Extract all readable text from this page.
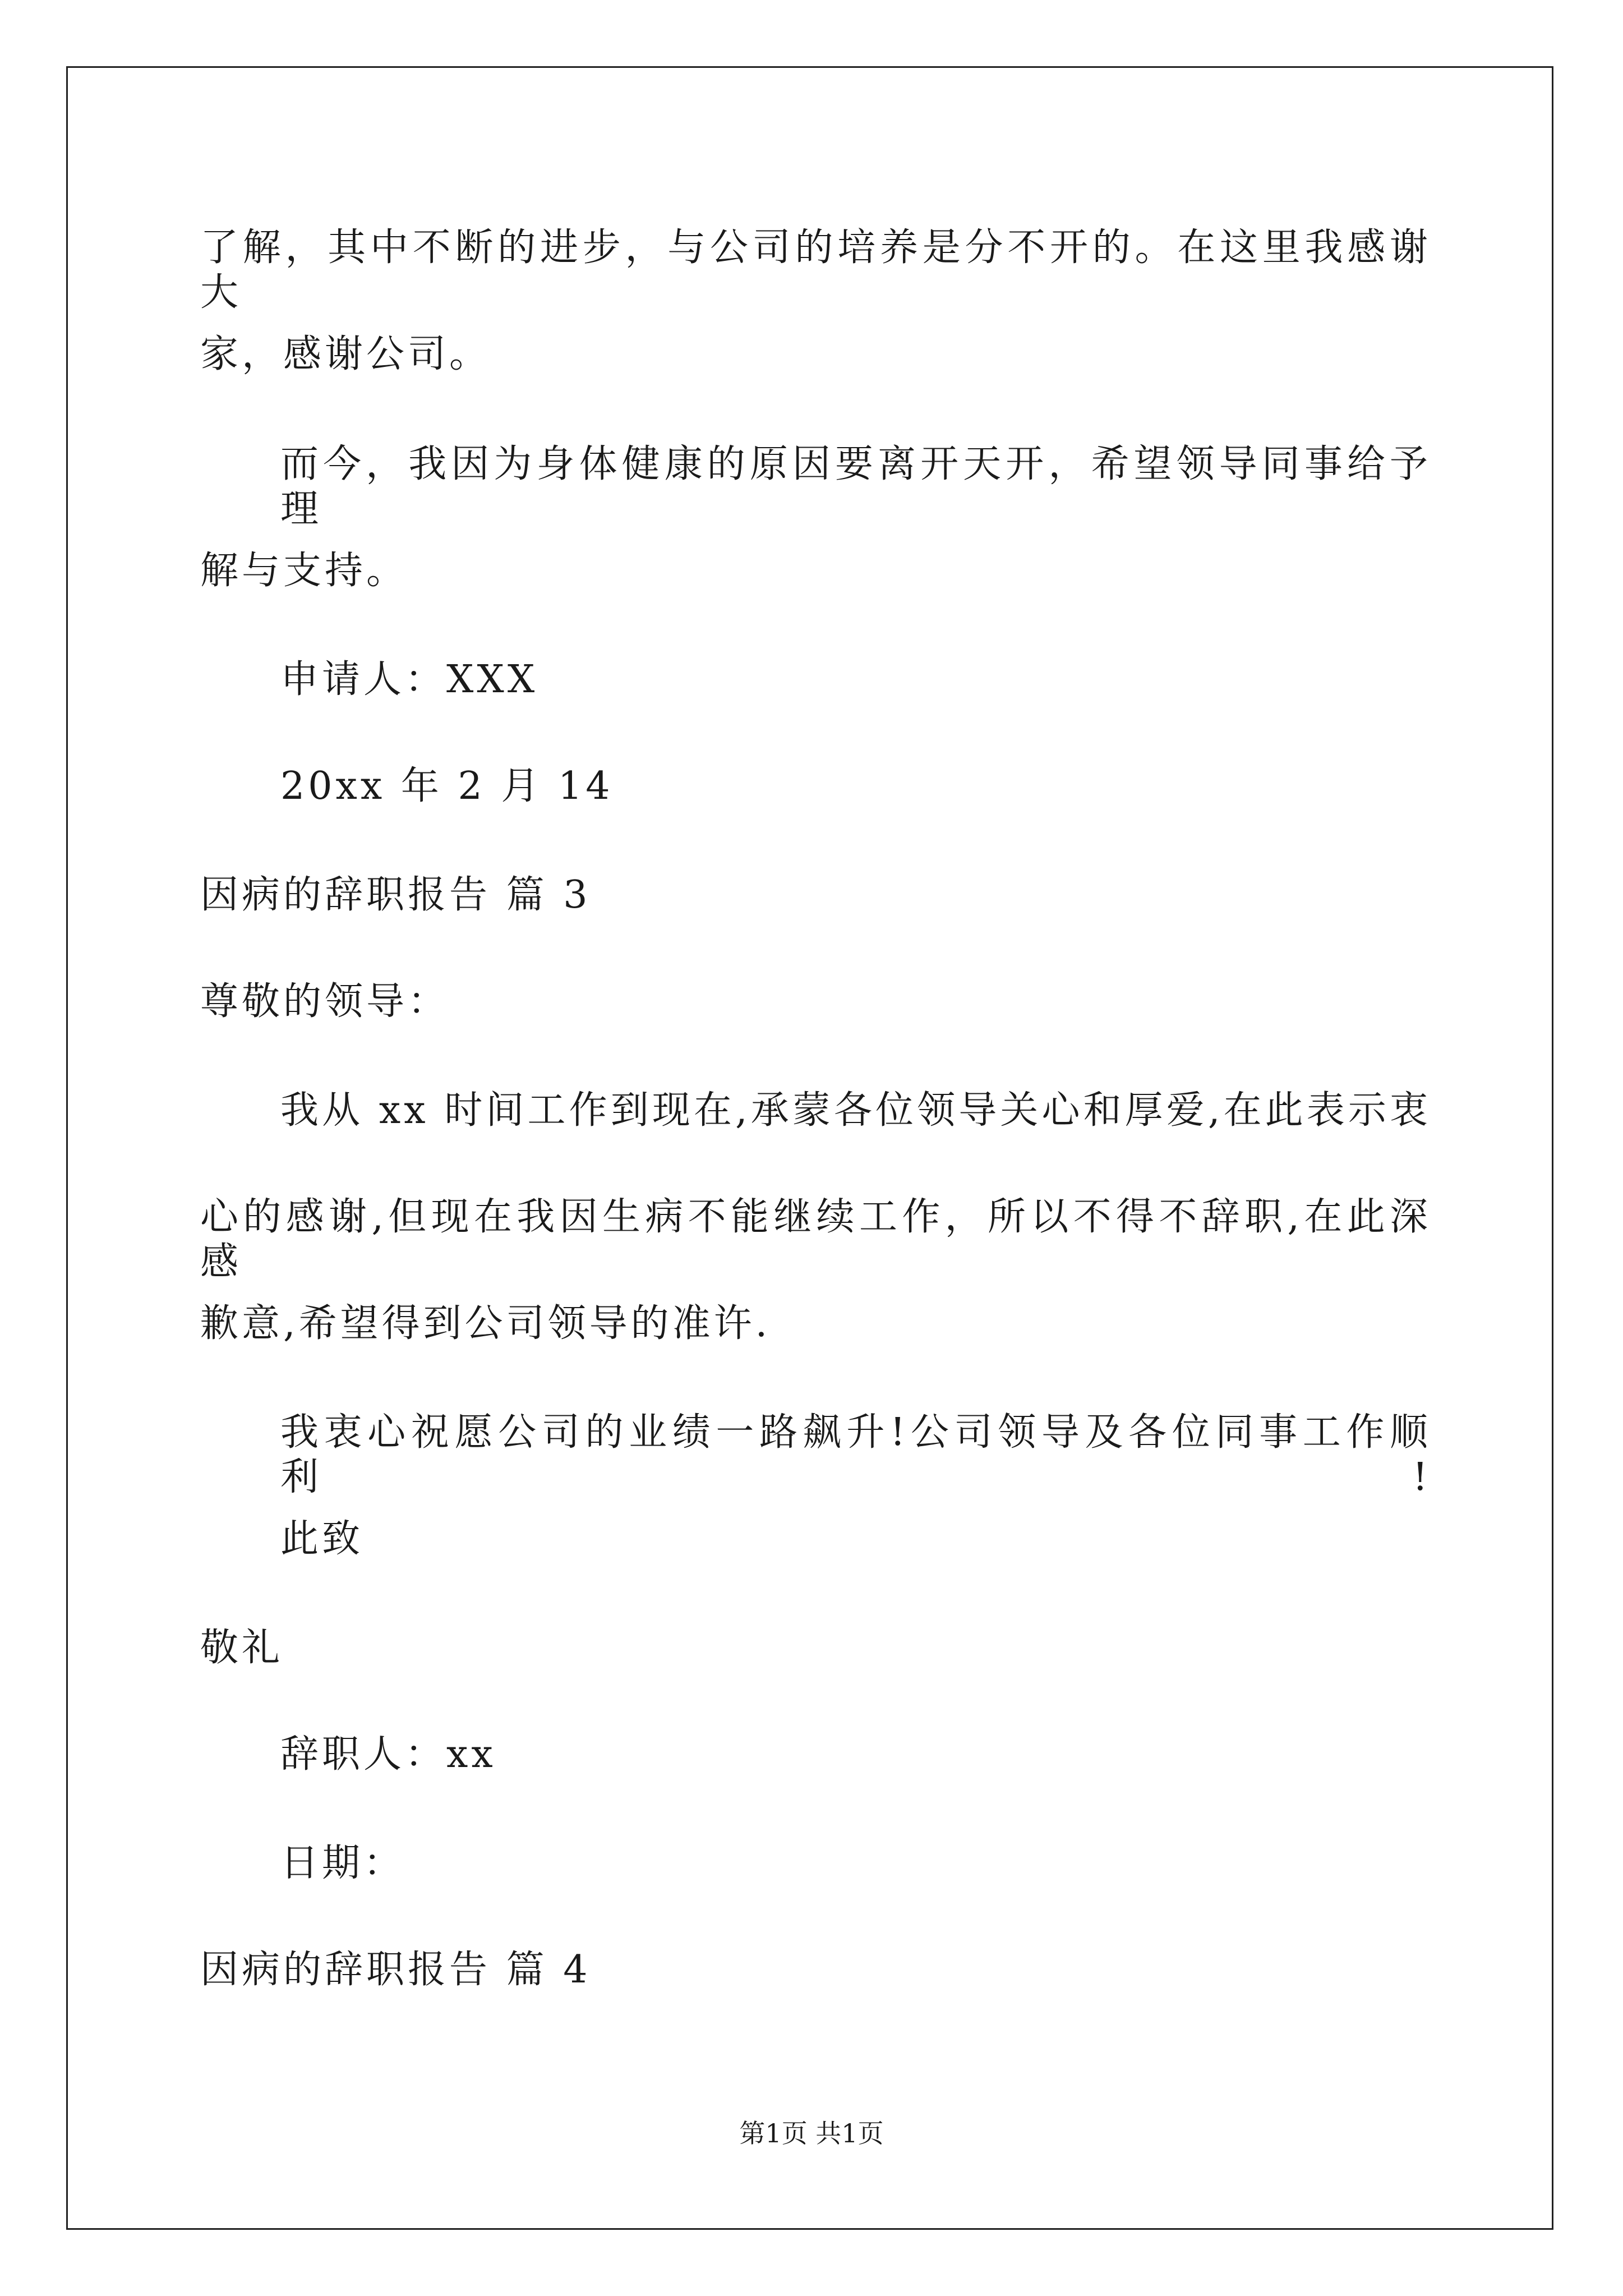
了解，其中不断的进步，与公司的培养是分不开的。在这里我感谢大
家，感谢公司。
而今，我因为身体健康的原因要离开天开，希望领导同事给予理
解与支持。
申请人：XXX
20xx 年 2 月 14
因病的辞职报告 篇 3
尊敬的领导：
我从 xx 时间工作到现在,承蒙各位领导关心和厚爱,在此表示衷
心的感谢,但现在我因生病不能继续工作，所以不得不辞职,在此深感
歉意,希望得到公司领导的准许.
我衷心祝愿公司的业绩一路飙升!公司领导及各位同事工作顺利!
此致
敬礼
辞职人：xx
日期：
因病的辞职报告 篇 4
第1页 共1页
